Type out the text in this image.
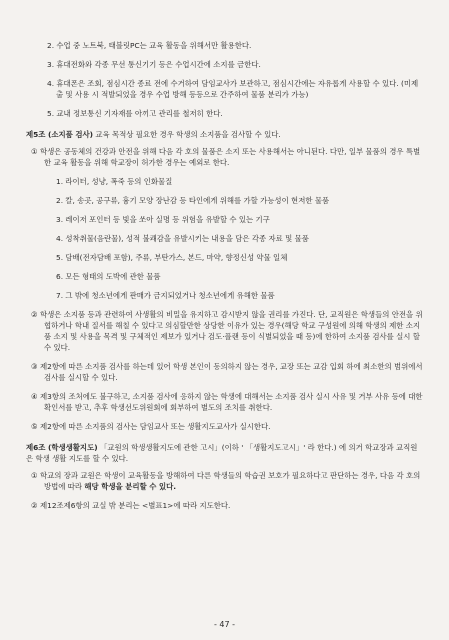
2. 수업 중 노트북, 태블릿PC는 교육 활동을 위해서만 활용한다.
3. 휴대전화와 각종 무선 통신기기 등은 수업시간에 소지를 금한다.
4. 휴대폰은 조회, 점심시간 종료 전에 수거하여 담임교사가 보관하고, 점심시간에는 자유롭게 사용할 수 있다. (미제출 및 사용 시 적발되었을 경우 수업 방해 등등으로 간주하여 물품 분리가 가능)
5. 교내 정보통신 기자재를 아끼고 관리를 철저히 한다.
제5조 (소지품 검사) 교육 목적상 필요한 경우 학생의 소지품을 검사할 수 있다.
① 학생은 공동체의 건강과 안전을 위해 다음 각 호의 물품은 소지 또는 사용해서는 아니된다. 다만, 일부 물품의 경우 특별한 교육 활동을 위해 학교장이 허가한 경우는 예외로 한다.
1. 라이터, 성냥, 폭죽 등의 인화물질
2. 칼, 송곳, 공구류, 흉기 모양 장난감 등 타인에게 위해를 가할 가능성이 현저한 물품
3. 레이저 포인터 등 빛을 쏘아 실명 등 위험을 유발할 수 있는 기구
4. 성착취물(음란물), 성적 불쾌감을 유발시키는 내용을 담은 각종 자료 및 물품
5. 담배(전자담배 포함), 주류, 부탄가스, 본드, 마약, 향정신성 약물 일체
6. 모든 형태의 도박에 관한 물품
7. 그 밖에 청소년에게 판매가 금지되었거나 청소년에게 유해한 물품
② 학생은 소지품 등과 관련하여 사생활의 비밀을 유지하고 감시받지 않을 권리를 가진다. 단, 교직원은 학생들의 안전을 위협하거나 학내 질서를 해칠 수 있다고 의심할만한 상당한 이유가 있는 경우(해당 학교 구성원에 의해 학생의 제한 소지품 소지 및 사용을 목격 및 구체적인 제보가 있거나 검도·플랜 등이 식별되었을 때 등)에 한하여 소지품 검사를 실시 할 수 있다.
③ 제2항에 따른 소지품 검사를 하는데 있어 학생 본인이 동의하지 않는 경우, 교장 또는 교감 입회 하에 최소한의 범위에서 검사를 실시할 수 있다.
④ 제3항의 조처에도 불구하고, 소지품 검사에 응하지 않는 학생에 대해서는 소지품 검사 실시 사유 및 거부 사유 등에 대한 확인서를 받고, 추후 학생선도위원회에 회부하여 별도의 조치를 취한다.
⑤ 제2항에 따른 소지품의 검사는 담임교사 또는 생활지도교사가 실시한다.
제6조 (학생생활지도) 「교원의 학생생활지도에 관한 고시」(이하 ' 「생활지도고시」' 라 한다.) 에 의거 학교장과 교직원은 학생 생활 지도를 할 수 있다.
① 학교의 장과 교원은 학생이 교육활동을 방해하여 다른 학생들의 학습권 보호가 필요하다고 판단하는 경우, 다음 각 호의 방법에 따라 해당 학생을 분리할 수 있다.
② 제12조제6항의 교실 밖 분리는 <별표1>에 따라 지도한다.
- 47 -
